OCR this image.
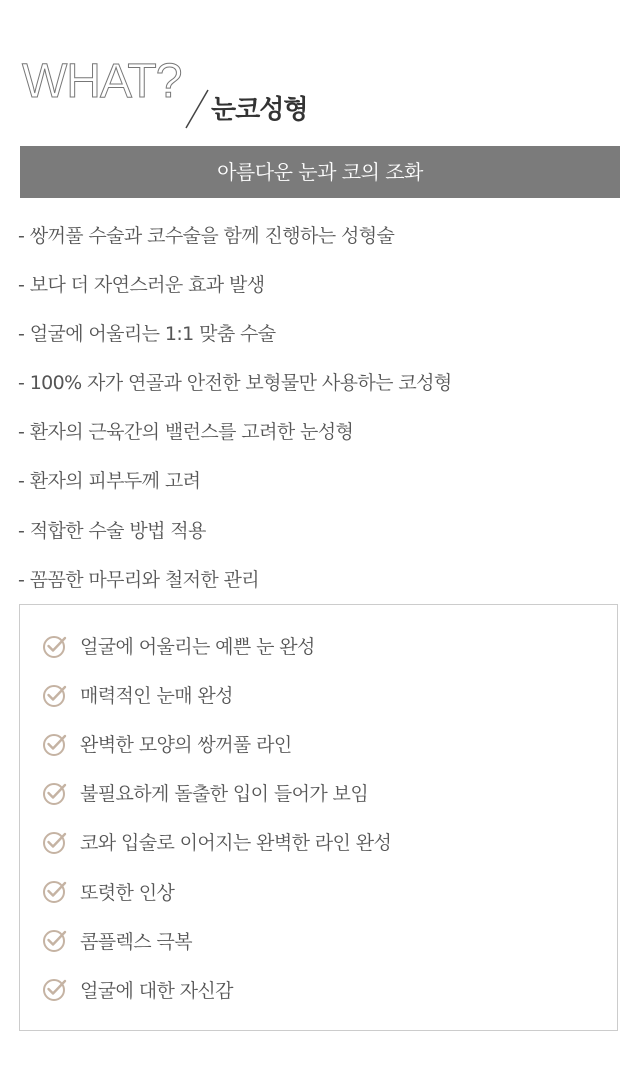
WHAT?
눈코성형
아름다운 눈과 코의 조화
- 쌍꺼풀 수술과 코수술을 함께 진행하는 성형술
- 보다 더 자연스러운 효과 발생
- 얼굴에 어울리는 1:1 맞춤 수술
- 100% 자가 연골과 안전한 보형물만 사용하는 코성형
- 환자의 근육간의 밸런스를 고려한 눈성형
- 환자의 피부두께 고려
- 적합한 수술 방법 적용
- 꼼꼼한 마무리와 철저한 관리
얼굴에 어울리는 예쁜 눈 완성
매력적인 눈매 완성
완벽한 모양의 쌍꺼풀 라인
불필요하게 돌출한 입이 들어가 보임
코와 입술로 이어지는 완벽한 라인 완성
또렷한 인상
콤플렉스 극복
얼굴에 대한 자신감
